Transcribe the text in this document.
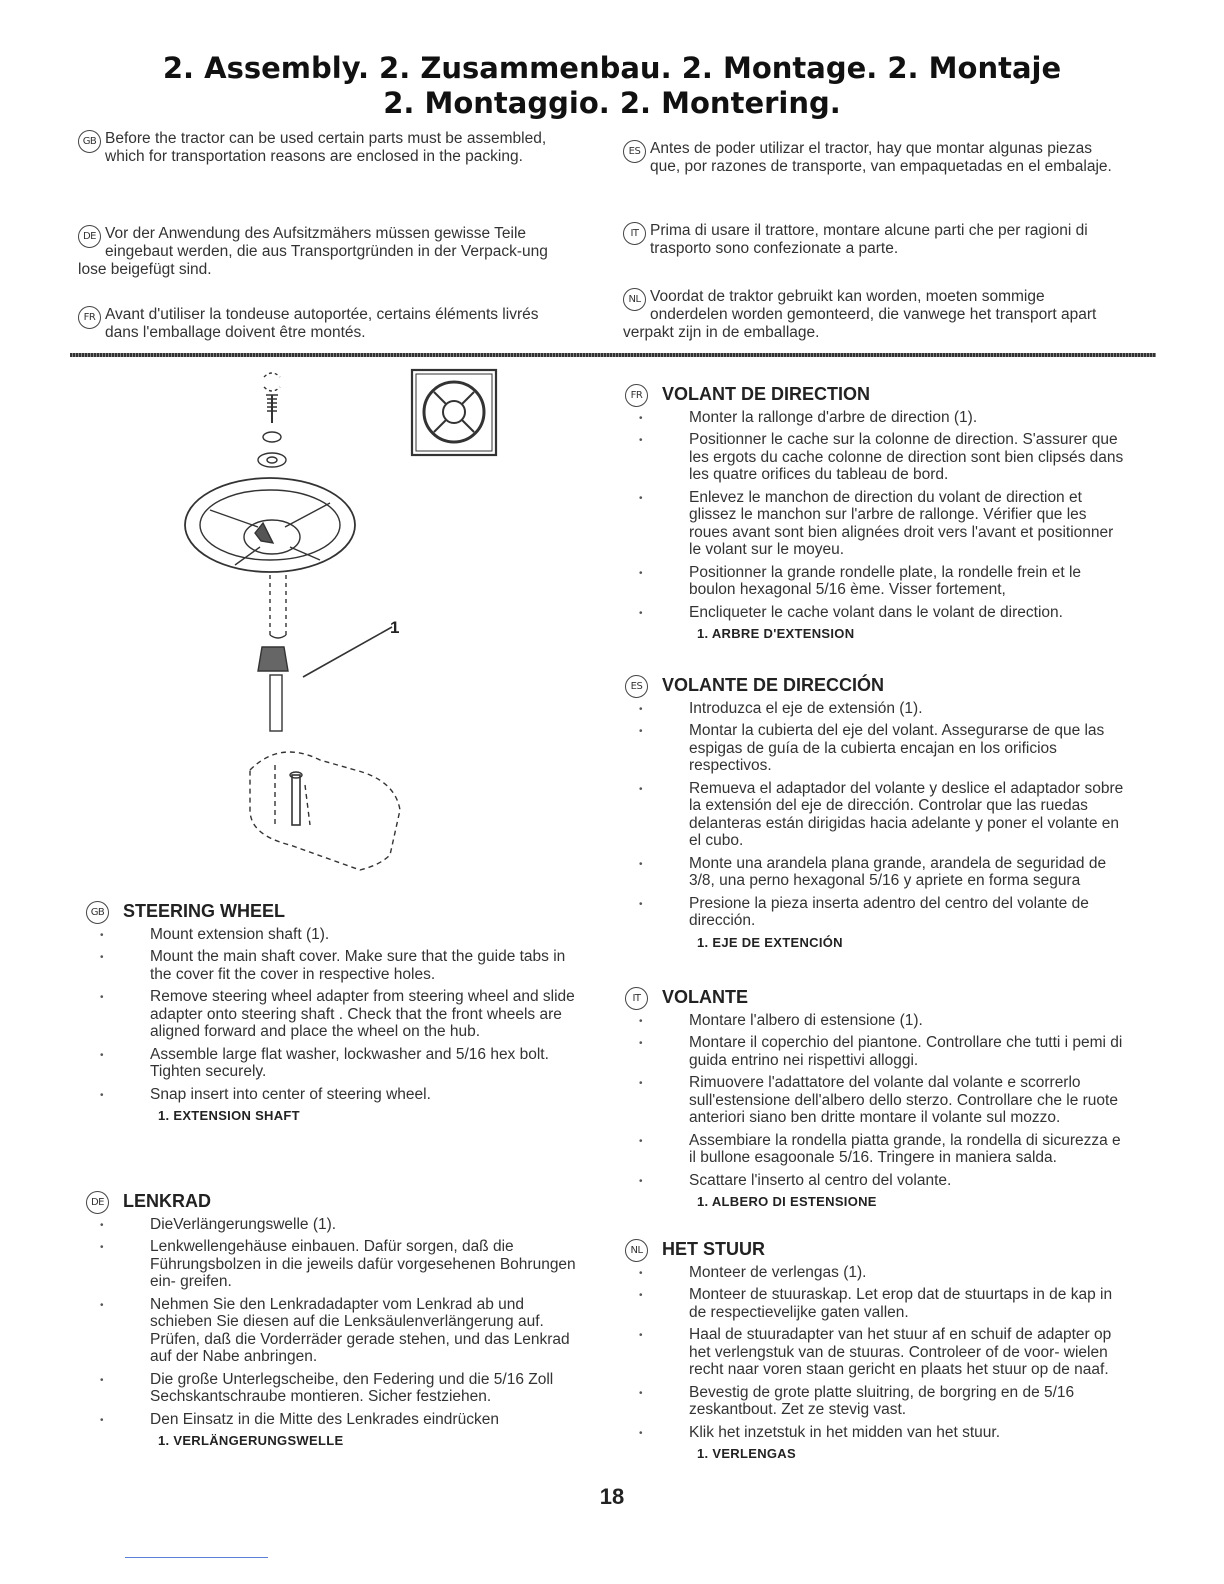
2. Assembly. 2. Zusammenbau. 2. Montage. 2. Montaje
2. Montaggio. 2. Montering.
GB Before the tractor can be used certain parts must be assembled, which for transportation reasons are enclosed in the packing.
DE Vor der Anwendung des Aufsitzmähers müssen gewisse Teile eingebaut werden, die aus Transportgründen in der Verpack-ung lose beigefügt sind.
FR Avant d'utiliser la tondeuse autoportée, certains éléments livrés dans l'emballage doivent être montés.
ES Antes de poder utilizar el tractor, hay que montar algunas piezas que, por razones de transporte, van empaquetadas en el embalaje.
IT Prima di usare il trattore, montare alcune parti che per ragioni di trasporto sono confezionate a parte.
NL Voordat de traktor gebruikt kan worden, moeten sommige onderdelen worden gemonteerd, die vanwege het transport apart verpakt zijn in de emballage.
1
GB STEERING WHEEL
• Mount extension shaft (1).
• Mount the main shaft cover. Make sure that the guide tabs in the cover fit the cover in respective holes.
• Remove steering wheel adapter from steering wheel and slide adapter onto steering shaft . Check that the front wheels are aligned forward and place the wheel on the hub.
• Assemble large flat washer, lockwasher and 5/16 hex bolt. Tighten securely.
• Snap insert into center of steering wheel.
1. EXTENSION SHAFT
DE LENKRAD
• DieVerlängerungswelle (1).
• Lenkwellengehäuse einbauen. Dafür sorgen, daß die Führungsbolzen in die jeweils dafür vorgesehenen Bohrungen ein- greifen.
• Nehmen Sie den Lenkradadapter vom Lenkrad ab und schieben Sie diesen auf die Lenksäulenverlängerung auf. Prüfen, daß die Vorderräder gerade stehen, und das Lenkrad auf der Nabe anbringen.
• Die große Unterlegscheibe, den Federing und die 5/16 Zoll Sechskantschraube montieren. Sicher festziehen.
• Den Einsatz in die Mitte des Lenkrades eindrücken
1. VERLÄNGERUNGSWELLE
FR VOLANT DE DIRECTION
• Monter la rallonge d'arbre de direction (1).
• Positionner le cache sur la colonne de direction. S'assurer que les ergots du cache colonne de direction sont bien clipsés dans les quatre orifices du tableau de bord.
• Enlevez le manchon de direction du volant de direction et glissez le manchon sur l'arbre de rallonge. Vérifier que les roues avant sont bien alignées droit vers l'avant et positionner le volant sur le moyeu.
• Positionner la grande rondelle plate, la rondelle frein et le boulon hexagonal 5/16 ème. Visser fortement,
• Encliqueter le cache volant dans le volant de direction.
1. ARBRE D'EXTENSION
ES VOLANTE DE DIRECCIÓN
• Introduzca el eje de extensión (1).
• Montar la cubierta del eje del volant. Assegurarse de que las espigas de guía de la cubierta encajan en los orificios respectivos.
• Remueva el adaptador del volante y deslice el adaptador sobre la extensión del eje de dirección. Controlar que las ruedas delanteras están dirigidas hacia adelante y poner el volante en el cubo.
• Monte una arandela plana grande, arandela de seguridad de 3/8, una perno hexagonal 5/16 y apriete en forma segura
• Presione la pieza inserta adentro del centro del volante de dirección.
1. EJE DE EXTENCIÓN
IT VOLANTE
• Montare l'albero di estensione (1).
• Montare il coperchio del piantone. Controllare che tutti i pemi di guida entrino nei rispettivi alloggi.
• Rimuovere l'adattatore del volante dal volante e scorrerlo sull'estensione dell'albero dello sterzo. Controllare che le ruote anteriori siano ben dritte montare il volante sul mozzo.
• Assembiare la rondella piatta grande, la rondella di sicurezza e il bullone esagoonale 5/16. Tringere in maniera salda.
• Scattare l'inserto al centro del volante.
1. ALBERO DI ESTENSIONE
NL HET STUUR
• Monteer de verlengas (1).
• Monteer de stuuraskap. Let erop dat de stuurtaps in de kap in de respectievelijke gaten vallen.
• Haal de stuuradapter van het stuur af en schuif de adapter op het verlengstuk van de stuuras. Controleer of de voor- wielen recht naar voren staan gericht en plaats het stuur op de naaf.
• Bevestig de grote platte sluitring, de borgring en de 5/16 zeskantbout. Zet ze stevig vast.
• Klik het inzetstuk in het midden van het stuur.
1. VERLENGAS
18
